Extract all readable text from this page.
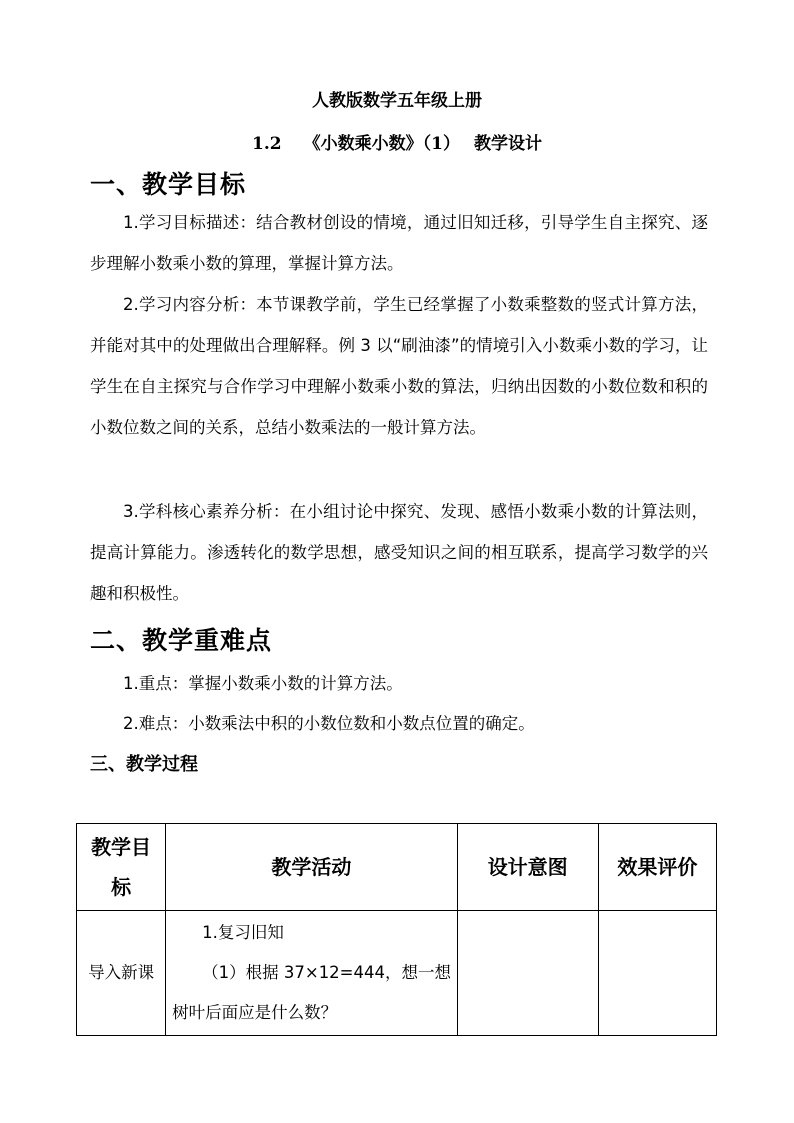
人教版数学五年级上册
1.2 《小数乘小数》（1） 教学设计
一、教学目标
1.学习目标描述：结合教材创设的情境，通过旧知迁移，引导学生自主探究、逐步理解小数乘小数的算理，掌握计算方法。
2.学习内容分析：本节课教学前，学生已经掌握了小数乘整数的竖式计算方法，并能对其中的处理做出合理解释。例 3 以“刷油漆”的情境引入小数乘小数的学习，让学生在自主探究与合作学习中理解小数乘小数的算法，归纳出因数的小数位数和积的小数位数之间的关系，总结小数乘法的一般计算方法。
3.学科核心素养分析：在小组讨论中探究、发现、感悟小数乘小数的计算法则，提高计算能力。渗透转化的数学思想，感受知识之间的相互联系，提高学习数学的兴趣和积极性。
二、教学重难点
1.重点：掌握小数乘小数的计算方法。
2.难点：小数乘法中积的小数位数和小数点位置的确定。
三、教学过程
教学目标	教学活动	设计意图	效果评价
导入新课	1.复习旧知
（1）根据 37×12=444，想一想树叶后面应是什么数？		
